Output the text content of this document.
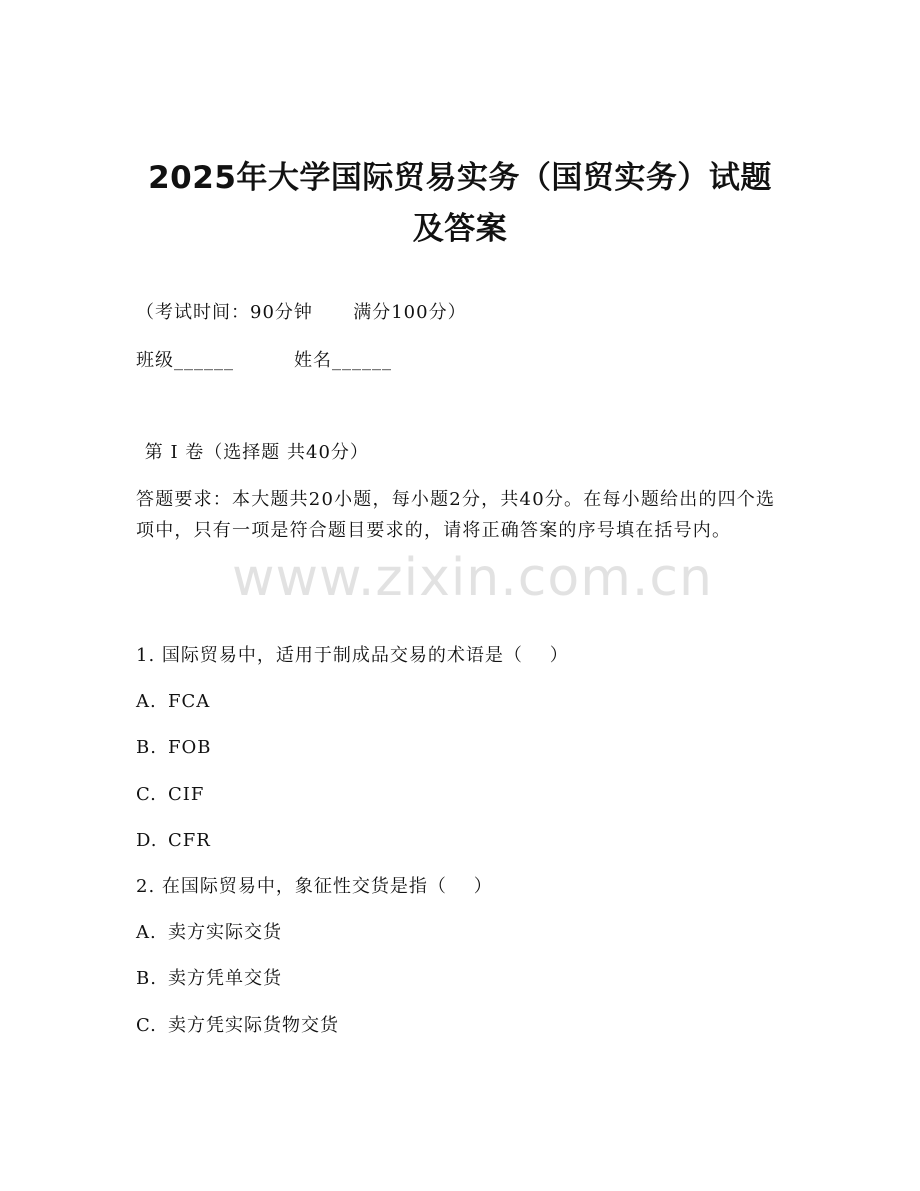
2025年大学国际贸易实务（国贸实务）试题
及答案
（考试时间：90分钟      满分100分）
班级______	姓名______
第 I 卷（选择题 共40分）
答题要求：本大题共20小题，每小题2分，共40分。在每小题给出的四个选项中，只有一项是符合题目要求的，请将正确答案的序号填在括号内。
www.zixin.com.cn
1. 国际贸易中，适用于制成品交易的术语是（    ）
A. FCA
B. FOB
C. CIF
D. CFR
2. 在国际贸易中，象征性交货是指（    ）
A. 卖方实际交货
B. 卖方凭单交货
C. 卖方凭实际货物交货
